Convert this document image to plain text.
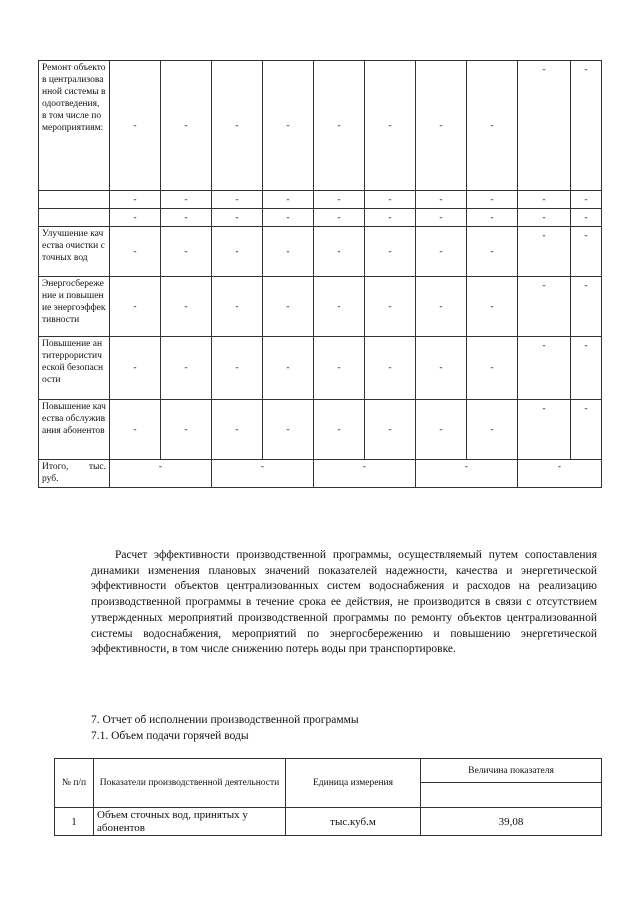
Ремонт объектов централизованной системы водоотведения, в том числе по мероприятиям:	-	-	-	-	-	-	-	-	-	-
	-	-	-	-	-	-	-	-	-	-
	-	-	-	-	-	-	-	-	-	-
Улучшение качества очистки сточных вод	-	-	-	-	-	-	-	-	-	-
Энергосбережение и повышение энергоэффективности	-	-	-	-	-	-	-	-	-	-
Повышение антитеррористической безопасности	-	-	-	-	-	-	-	-	-	-
Повышение качества обслуживания абонентов	-	-	-	-	-	-	-	-	-	-
Итого, тыс. руб.	-		-		-		-		-	
Расчет эффективности производственной программы, осуществляемый путем сопоставления динамики изменения плановых значений показателей надежности, качества и энергетической эффективности объектов централизованных систем водоснабжения и расходов на реализацию производственной программы в течение срока ее действия, не производится в связи с отсутствием утвержденных мероприятий производственной программы по ремонту объектов централизованной системы водоснабжения, мероприятий по энергосбережению и повышению энергетической эффективности, в том числе снижению потерь воды при транспортировке.
7. Отчет об исполнении производственной программы
7.1. Объем подачи горячей воды
№ п/п	Показатели производственной деятельности	Единица измерения	Величина показателя

1	Объем сточных вод, принятых у абонентов	тыс.куб.м	39,08
